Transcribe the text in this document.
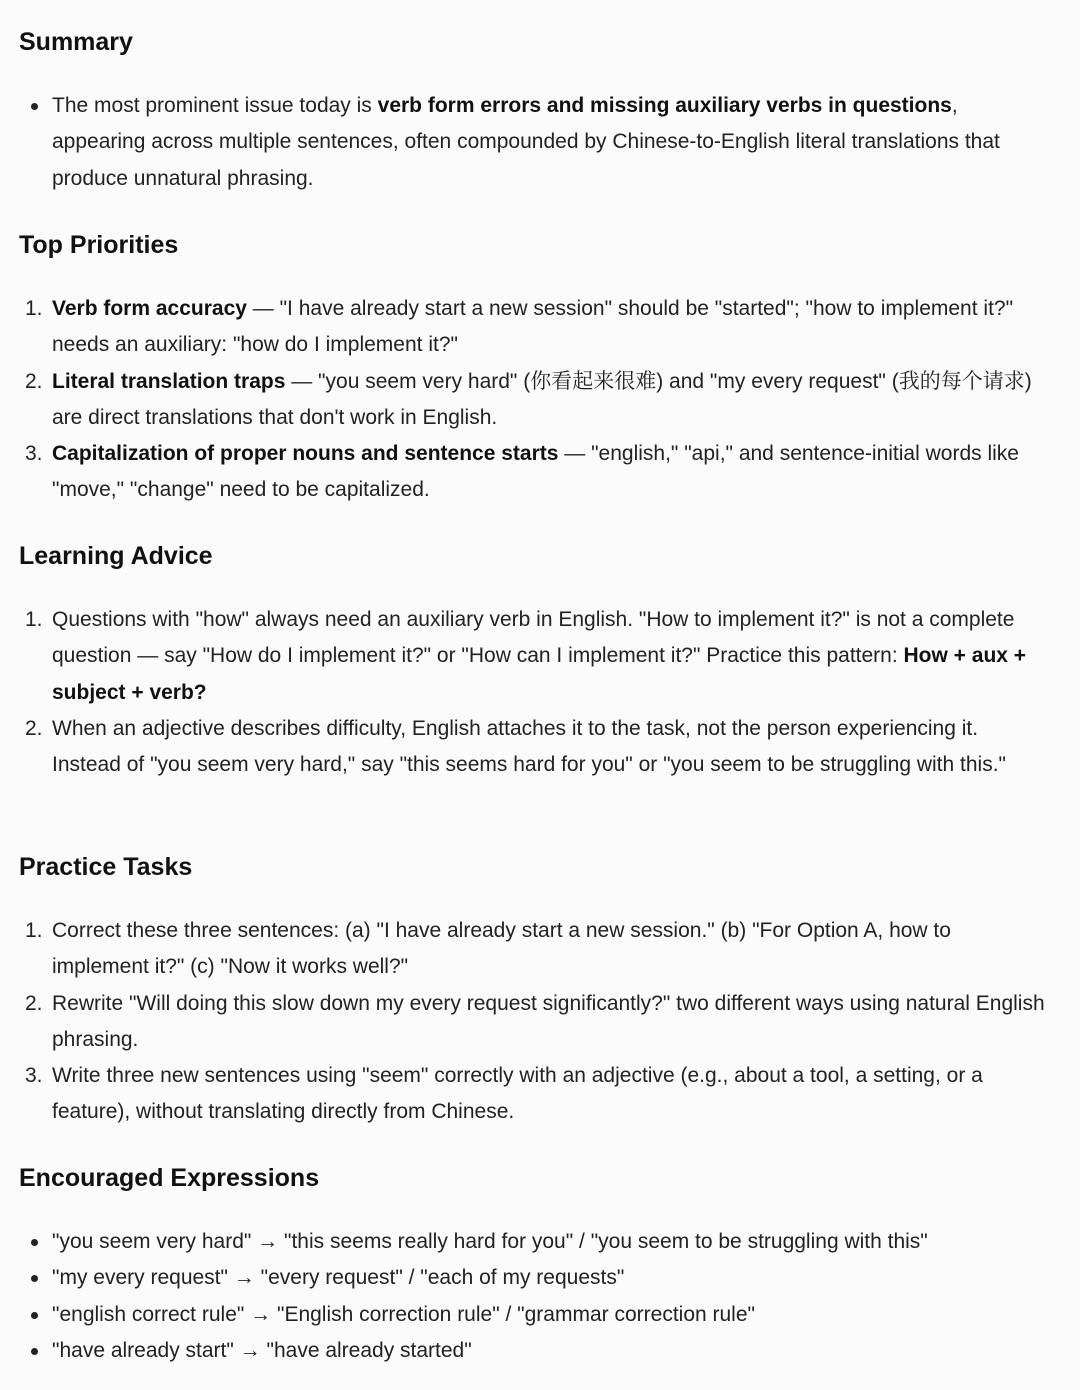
Summary
The most prominent issue today is verb form errors and missing auxiliary verbs in questions, appearing across multiple sentences, often compounded by Chinese-to-English literal translations that produce unnatural phrasing.
Top Priorities
1. Verb form accuracy — "I have already start a new session" should be "started"; "how to implement it?" needs an auxiliary: "how do I implement it?"
2. Literal translation traps — "you seem very hard" (你看起来很难) and "my every request" (我的每个请求) are direct translations that don't work in English.
3. Capitalization of proper nouns and sentence starts — "english," "api," and sentence-initial words like "move," "change" need to be capitalized.
Learning Advice
1. Questions with "how" always need an auxiliary verb in English. "How to implement it?" is not a complete question — say "How do I implement it?" or "How can I implement it?" Practice this pattern: How + aux + subject + verb?
2. When an adjective describes difficulty, English attaches it to the task, not the person experiencing it. Instead of "you seem very hard," say "this seems hard for you" or "you seem to be struggling with this."
Practice Tasks
1. Correct these three sentences: (a) "I have already start a new session." (b) "For Option A, how to implement it?" (c) "Now it works well?"
2. Rewrite "Will doing this slow down my every request significantly?" two different ways using natural English phrasing.
3. Write three new sentences using "seem" correctly with an adjective (e.g., about a tool, a setting, or a feature), without translating directly from Chinese.
Encouraged Expressions
"you seem very hard" → "this seems really hard for you" / "you seem to be struggling with this"
"my every request" → "every request" / "each of my requests"
"english correct rule" → "English correction rule" / "grammar correction rule"
"have already start" → "have already started"
